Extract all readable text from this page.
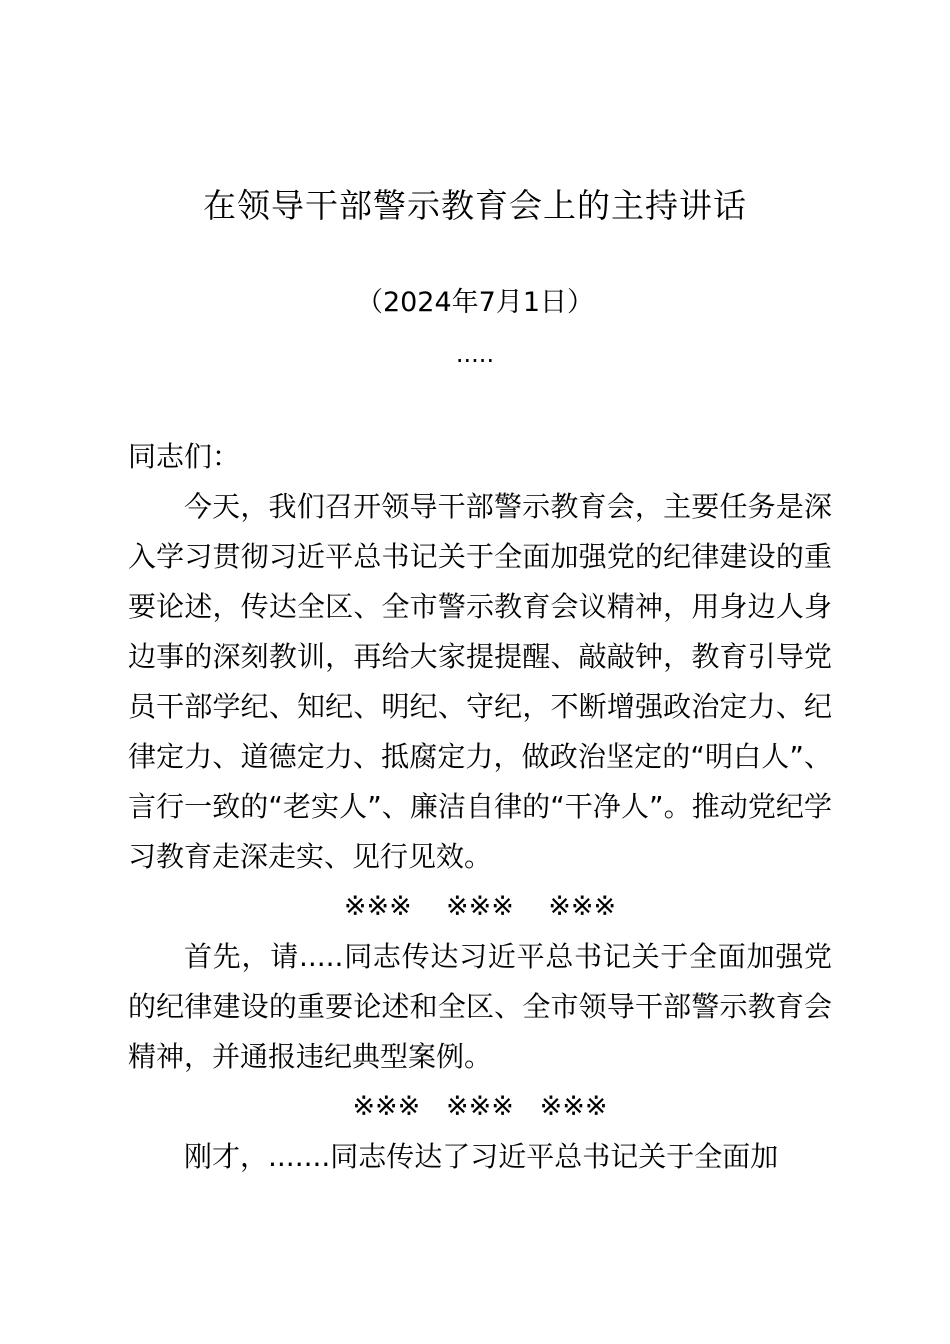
在领导干部警示教育会上的主持讲话
（2024年7月1日）
.....

同志们：

今天，我们召开领导干部警示教育会，主要任务是深入学习贯彻习近平总书记关于全面加强党的纪律建设的重要论述，传达全区、全市警示教育会议精神，用身边人身边事的深刻教训，再给大家提提醒、敲敲钟，教育引导党员干部学纪、知纪、明纪、守纪，不断增强政治定力、纪律定力、道德定力、抵腐定力，做政治坚定的“明白人”、言行一致的“老实人”、廉洁自律的“干净人”。推动党纪学习教育走深走实、见行见效。

※※※    ※※※    ※※※

首先，请.....同志传达习近平总书记关于全面加强党的纪律建设的重要论述和全区、全市领导干部警示教育会精神，并通报违纪典型案例。

※※※   ※※※   ※※※

刚才，.......同志传达了习近平总书记关于全面加
